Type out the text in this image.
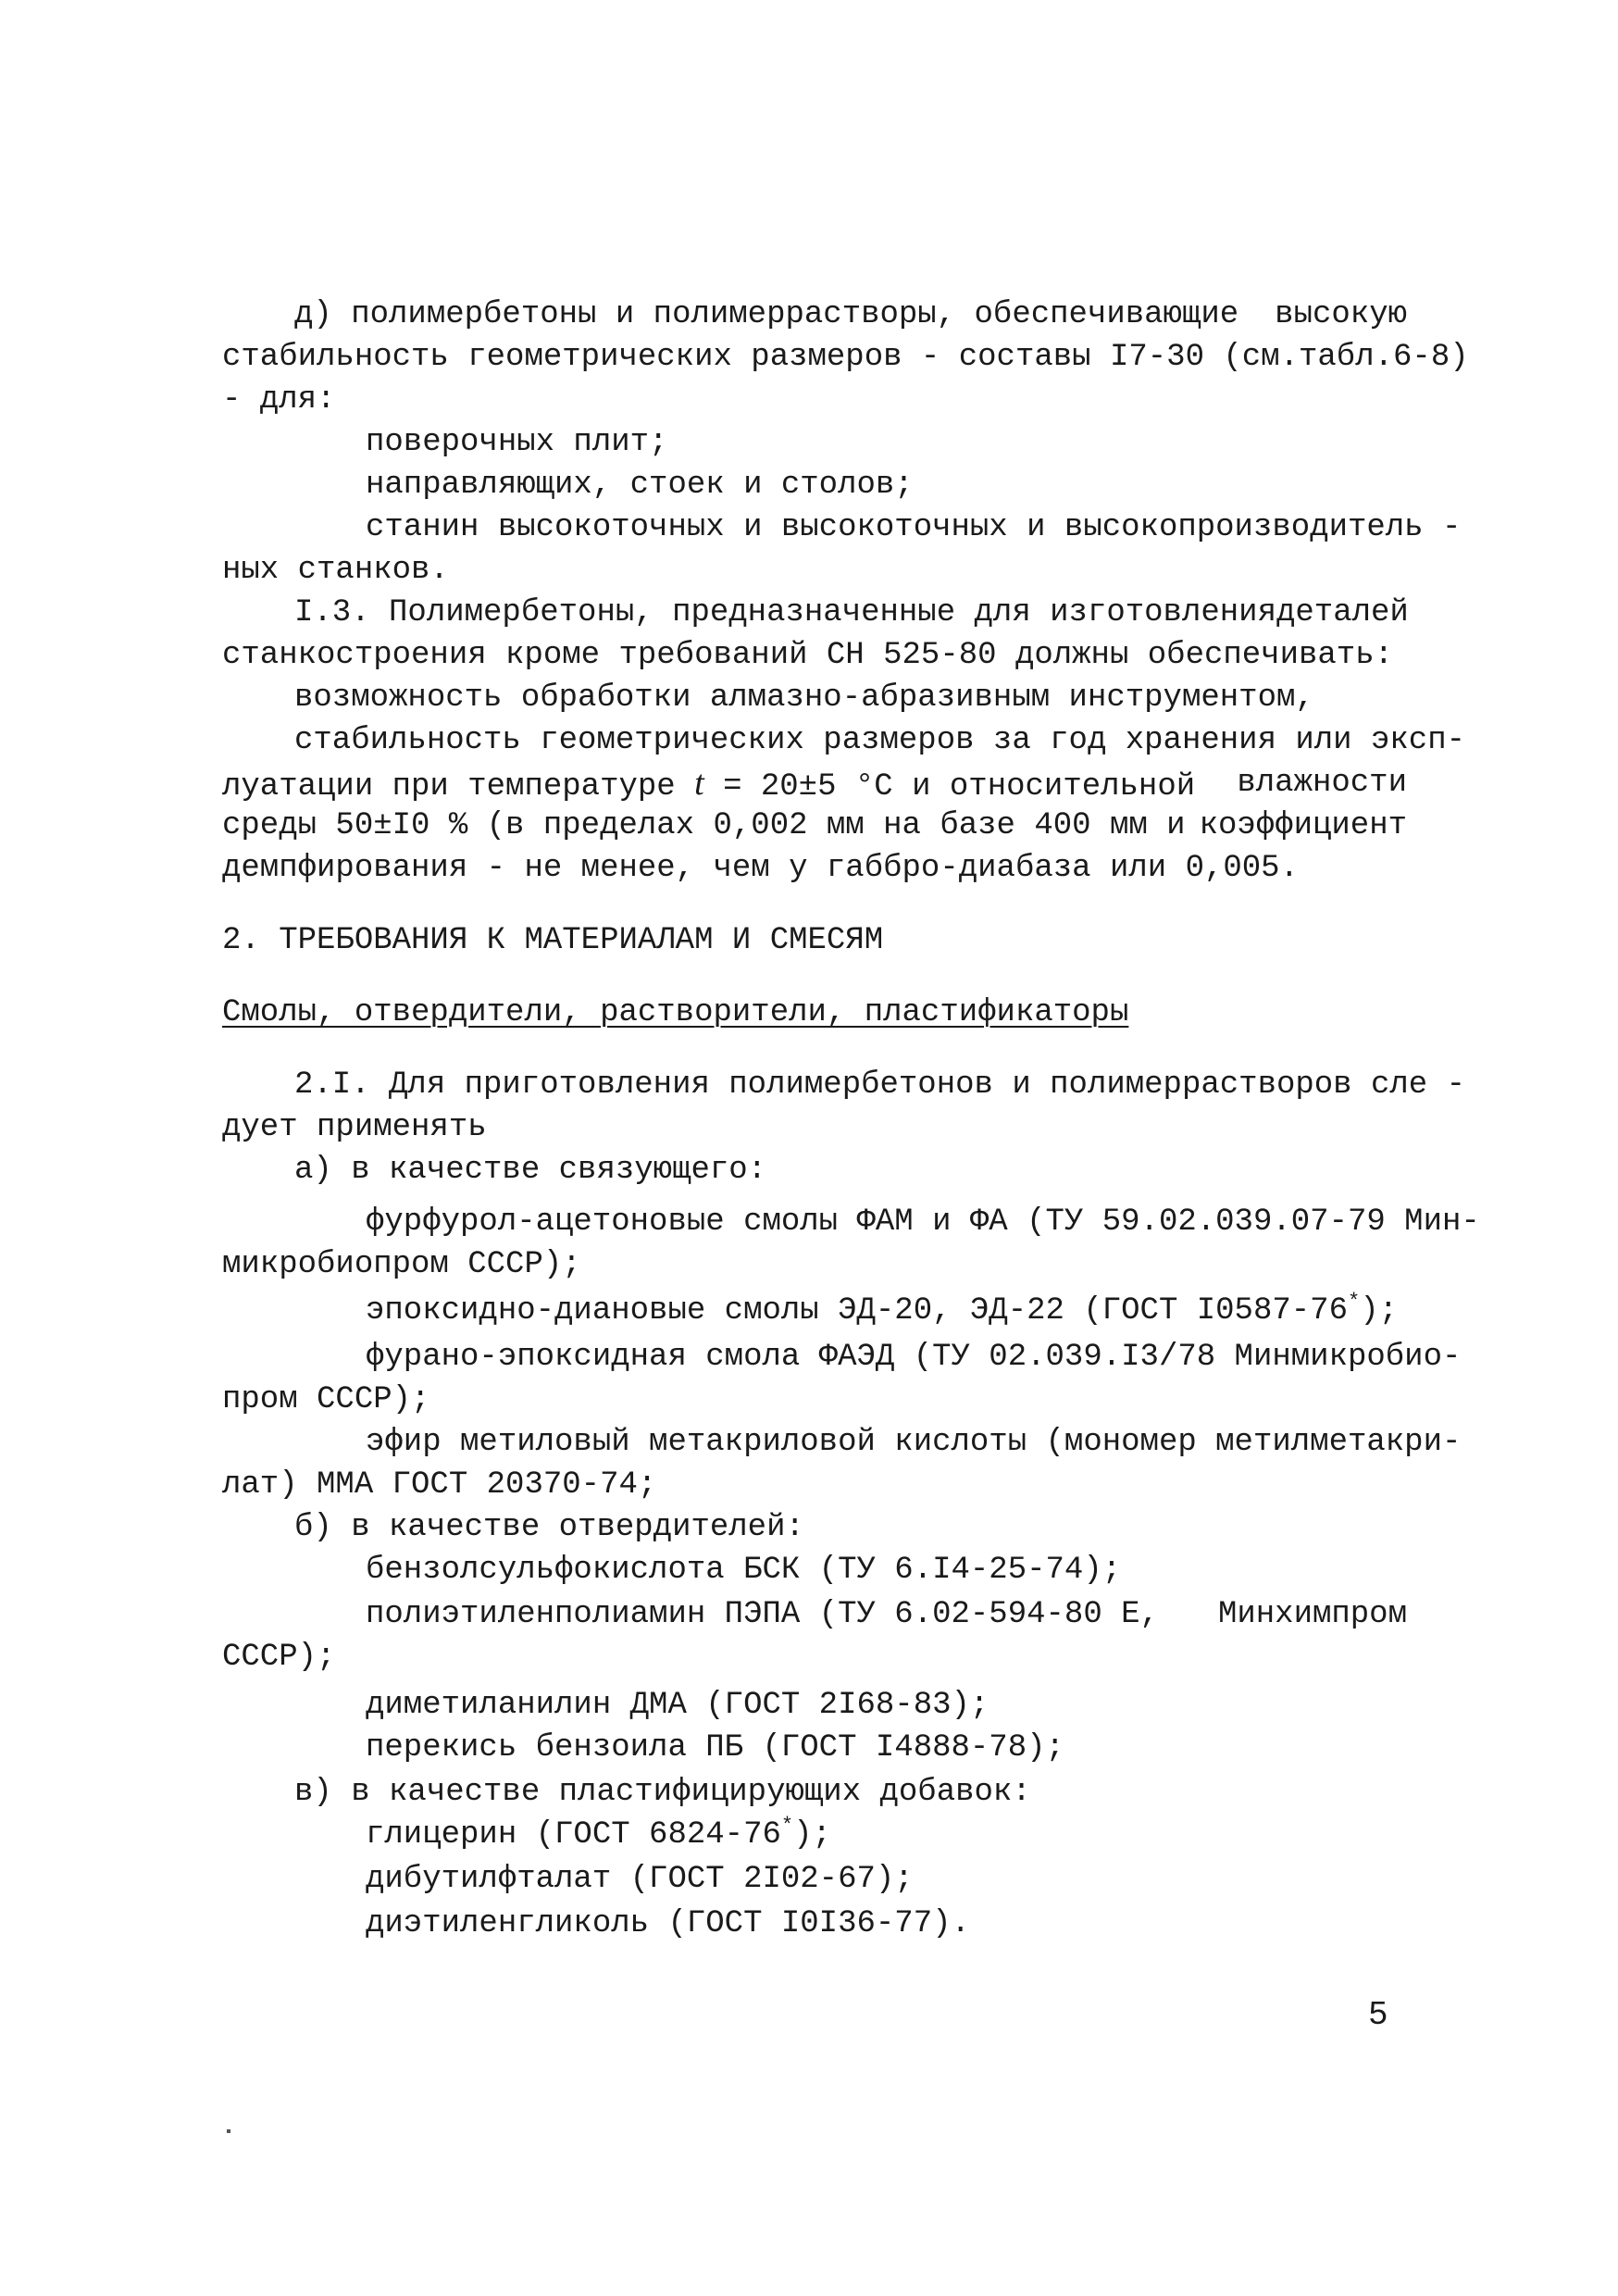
д) полимербетоны и полимеррастворы, обеспечивающие высокую
стабильность геометрических размеров - составы I7-30 (см.табл.6-8)
- для:
поверочных плит;
направляющих, стоек и столов;
станин высокоточных и высокоточных и высокопроизводитель -
ных станков.
I.3. Полимербетоны, предназначенные для изготовления деталей
станкостроения кроме требований СН 525-80 должны обеспечивать:
возможность обработки алмазно-абразивным инструментом,
стабильность геометрических размеров за год хранения или эксп-
луатации при температуре t = 20±5 °С и относительной влажности
среды 50±I0 % (в пределах 0,002 мм на базе 400 мм и коэффициент
демпфирования - не менее, чем у габбро-диабаза или 0,005.
2. ТРЕБОВАНИЯ К МАТЕРИАЛАМ И СМЕСЯМ
Смолы, отвердители, растворители, пластификаторы
2.I. Для приготовления полимербетонов и полимеррастворов сле -
дует применять
а) в качестве связующего:
фурфурол-ацетоновые смолы ФАМ и ФА (ТУ 59.02.039.07-79 Мин-
микробиопром СССР);
эпоксидно-диановые смолы ЭД-20, ЭД-22 (ГОСТ I0587-76*);
фурано-эпоксидная смола ФАЭД (ТУ 02.039.I3/78 Минмикробио-
пром СССР);
эфир метиловый метакриловой кислоты (мономер метилметакри-
лат) ММА ГОСТ 20370-74;
б) в качестве отвердителей:
бензолсульфокислота БСК (ТУ 6.I4-25-74);
полиэтиленполиамин ПЭПА (ТУ 6.02-594-80 Е, Минхимпром
СССР);
диметиланилин ДМА (ГОСТ 2I68-83);
перекись бензоила ПБ (ГОСТ I4888-78);
в) в качестве пластифицирующих добавок:
глицерин (ГОСТ 6824-76*);
дибутилфталат (ГОСТ 2I02-67);
диэтиленгликоль (ГОСТ I0I36-77).
5
